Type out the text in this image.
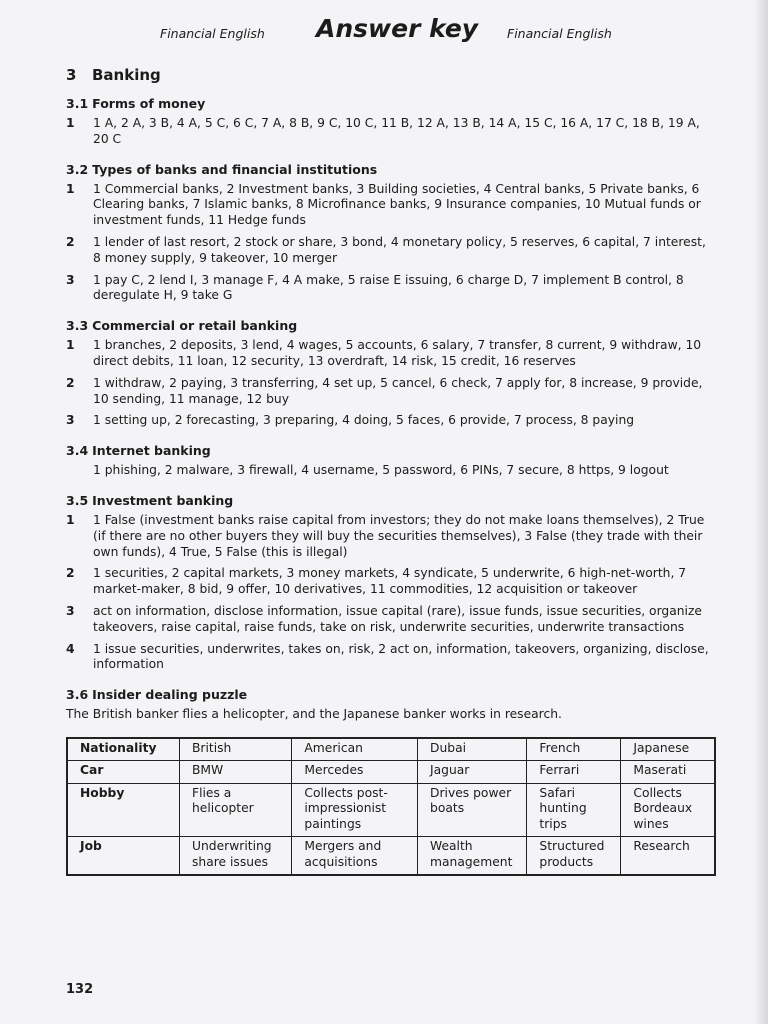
Financial English Answer key Financial English
3 Banking
3.1 Forms of money
1	1 A, 2 A, 3 B, 4 A, 5 C, 6 C, 7 A, 8 B, 9 C, 10 C, 11 B, 12 A, 13 B, 14 A, 15 C, 16 A, 17 C, 18 B, 19 A, 20 C
3.2 Types of banks and financial institutions
1	1 Commercial banks, 2 Investment banks, 3 Building societies, 4 Central banks, 5 Private banks, 6 Clearing banks, 7 Islamic banks, 8 Microfinance banks, 9 Insurance companies, 10 Mutual funds or investment funds, 11 Hedge funds
2	1 lender of last resort, 2 stock or share, 3 bond, 4 monetary policy, 5 reserves, 6 capital, 7 interest, 8 money supply, 9 takeover, 10 merger
3	1 pay C, 2 lend I, 3 manage F, 4 A make, 5 raise E issuing, 6 charge D, 7 implement B control, 8 deregulate H, 9 take G
3.3 Commercial or retail banking
1	1 branches, 2 deposits, 3 lend, 4 wages, 5 accounts, 6 salary, 7 transfer, 8 current, 9 withdraw, 10 direct debits, 11 loan, 12 security, 13 overdraft, 14 risk, 15 credit, 16 reserves
2	1 withdraw, 2 paying, 3 transferring, 4 set up, 5 cancel, 6 check, 7 apply for, 8 increase, 9 provide, 10 sending, 11 manage, 12 buy
3	1 setting up, 2 forecasting, 3 preparing, 4 doing, 5 faces, 6 provide, 7 process, 8 paying
3.4 Internet banking
1 phishing, 2 malware, 3 firewall, 4 username, 5 password, 6 PINs, 7 secure, 8 https, 9 logout
3.5 Investment banking
1	1 False (investment banks raise capital from investors; they do not make loans themselves), 2 True (if there are no other buyers they will buy the securities themselves), 3 False (they trade with their own funds), 4 True, 5 False (this is illegal)
2	1 securities, 2 capital markets, 3 money markets, 4 syndicate, 5 underwrite, 6 high-net-worth, 7 market-maker, 8 bid, 9 offer, 10 derivatives, 11 commodities, 12 acquisition or takeover
3	act on information, disclose information, issue capital (rare), issue funds, issue securities, organize takeovers, raise capital, raise funds, take on risk, underwrite securities, underwrite transactions
4	1 issue securities, underwrites, takes on, risk, 2 act on, information, takeovers, organizing, disclose, information
3.6 Insider dealing puzzle
The British banker flies a helicopter, and the Japanese banker works in research.
Nationality	British	American	Dubai	French	Japanese
Car	BMW	Mercedes	Jaguar	Ferrari	Maserati
Hobby	Flies a helicopter	Collects post-impressionist paintings	Drives power boats	Safari hunting trips	Collects Bordeaux wines
Job	Underwriting share issues	Mergers and acquisitions	Wealth management	Structured products	Research
132
